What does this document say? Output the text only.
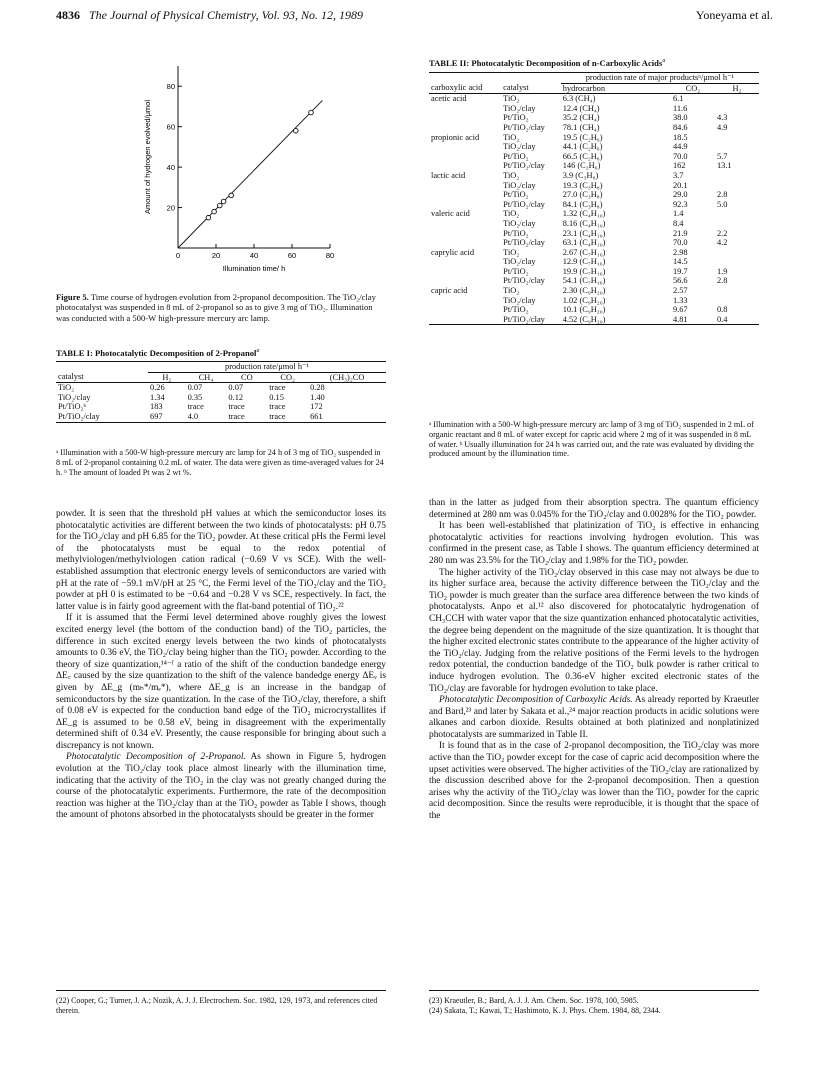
4836 The Journal of Physical Chemistry, Vol. 93, No. 12, 1989	Yoneyama et al.
0	20	40	60	80
20
40
60
80
Illumination time/ h
Amount of hydrogen evolved/μmol
Figure 5. Time course of hydrogen evolution from 2-propanol decomposition. The TiO₂/clay photocatalyst was suspended in 8 mL of 2-propanol so as to give 3 mg of TiO₂. Illumination was conducted with a 500-W high-pressure mercury arc lamp.
TABLE I: Photocatalytic Decomposition of 2-Propanol$^a$
	production rate/μmol h⁻¹				
catalyst	H₂	CH₄	CO	CO₂	(CH₃)₂CO
TiO₂	0.26	0.07	0.07	trace	0.28
TiO₂/clay	1.34	0.35	0.12	0.15	1.40
Pt/TiO₂ᵇ	183	trace	trace	trace	172
Pt/TiO₂/clay	697	4.0	trace	trace	661
ᵃ Illumination with a 500-W high-pressure mercury arc lamp for 24 h of 3 mg of TiO₂ suspended in 8 mL of 2-propanol containing 0.2 mL of water. The data were given as time-averaged values for 24 h. ᵇ The amount of loaded Pt was 2 wt %.

powder. It is seen that the threshold pH values at which the semiconductor loses its photocatalytic activities are different between the two kinds of photocatalysts: pH 0.75 for the TiO₂/clay and pH 6.85 for the TiO₂ powder. At these critical pHs the Fermi level of the photocatalysts must be equal to the redox potential of methylviologen/methylviologen cation radical (−0.69 V vs SCE). With the well-established assumption that electronic energy levels of semiconductors are varied with pH at the rate of −59.1 mV/pH at 25 °C, the Fermi level of the TiO₂/clay and the TiO₂ powder at pH 0 is estimated to be −0.64 and −0.28 V vs SCE, respectively. In fact, the latter value is in fairly good agreement with the flat-band potential of TiO₂.²²

If it is assumed that the Fermi level determined above roughly gives the lowest excited energy level (the bottom of the conduction band) of the TiO₂ particles, the difference in such excited energy levels between the two kinds of photocatalysts amounts to 0.36 eV, the TiO₂/clay being higher than the TiO₂ powder. According to the theory of size quantization,¹⁴⁻ᶠ a ratio of the shift of the conduction bandedge energy ΔE꜀ caused by the size quantization to the shift of the valence bandedge energy ΔEᵥ is given by ΔE_g (mₕ*/mₑ*), where ΔE_g is an increase in the bandgap of semiconductors by the size quantization. In the case of the TiO₂/clay, therefore, a shift of 0.08 eV is expected for the conduction band edge of the TiO₂ microcrystallites if ΔE_g is assumed to be 0.58 eV, being in disagreement with the experimentally determined shift of 0.34 eV. Presently, the cause responsible for bringing about such a discrepancy is not known.

Photocatalytic Decomposition of 2-Propanol. As shown in Figure 5, hydrogen evolution at the TiO₂/clay took place almost linearly with the illumination time, indicating that the activity of the TiO₂ in the clay was not greatly changed during the course of the photocatalytic experiments. Furthermore, the rate of the decomposition reaction was higher at the TiO₂/clay than at the TiO₂ powder as Table I shows, though the amount of photons absorbed in the photocatalysts should be greater in the former

TABLE II: Photocatalytic Decomposition of n-Carboxylic Acids$^a$
		production rate of major productsᵇ/μmol h⁻¹		
carboxylic acid	catalyst	hydrocarbon	CO₂	H₂
acetic acid	TiO₂	6.3 (CH₄)	6.1	
	TiO₂/clay	12.4 (CH₄)	11.6	
	Pt/TiO₂	35.2 (CH₄)	38.0	4.3
	Pt/TiO₂/clay	78.1 (CH₄)	84.6	4.9
propionic acid	TiO₂	19.5 (C₂H₆)	18.5	
	TiO₂/clay	44.1 (C₂H₆)	44.9	
	Pt/TiO₂	66.5 (C₂H₆)	70.0	5.7
	Pt/TiO₂/clay	146 (C₂H₆)	162	13.1
lactic acid	TiO₂	3.9 (C₃H₈)	3.7	
	TiO₂/clay	19.3 (C₃H₈)	20.1	
	Pt/TiO₂	27.0 (C₃H₈)	29.0	2.8
	Pt/TiO₂/clay	84.1 (C₃H₈)	92.3	5.0
valeric acid	TiO₂	1.32 (C₄H₁₀)	1.4	
	TiO₂/clay	8.16 (C₄H₁₀)	8.4	
	Pt/TiO₂	23.1 (C₄H₁₀)	21.9	2.2
	Pt/TiO₂/clay	63.1 (C₄H₁₀)	70.0	4.2
caprylic acid	TiO₂	2.67 (C₇H₁₆)	2.98	
	TiO₂/clay	12.9 (C₇H₁₆)	14.5	
	Pt/TiO₂	19.9 (C₇H₁₆)	19.7	1.9
	Pt/TiO₂/clay	54.1 (C₇H₁₆)	56.6	2.8
capric acid	TiO₂	2.30 (C₉H₂₀)	2.57	
	TiO₂/clay	1.02 (C₉H₂₀)	1.33	
	Pt/TiO₂	10.1 (C₉H₂₀)	9.67	0.8
	Pt/TiO₂/clay	4.52 (C₉H₂₀)	4.81	0.4
ᵃ Illumination with a 500-W high-pressure mercury arc lamp of 3 mg of TiO₂ suspended in 2 mL of organic reactant and 8 mL of water except for capric acid where 2 mg of it was suspended in 8 mL of water. ᵇ Usually illumination for 24 h was carried out, and the rate was evaluated by dividing the produced amount by the illumination time.

than in the latter as judged from their absorption spectra. The quantum efficiency determined at 280 nm was 0.045% for the TiO₂/clay and 0.0028% for the TiO₂ powder.

It has been well-established that platinization of TiO₂ is effective in enhancing photocatalytic activities for reactions involving hydrogen evolution. This was confirmed in the present case, as Table I shows. The quantum efficiency determined at 280 nm was 23.5% for the TiO₂/clay and 1.98% for the TiO₂ powder.

The higher activity of the TiO₂/clay observed in this case may not always be due to its higher surface area, because the activity difference between the TiO₂/clay and the TiO₂ powder is much greater than the surface area difference between the two kinds of photocatalysts. Anpo et al.¹² also discovered for photocatalytic hydrogenation of CH₃CCH with water vapor that the size quantization enhanced photocatalytic activities, the degree being dependent on the magnitude of the size quantization. It is thought that the higher excited electronic states contribute to the appearance of the higher activity of the TiO₂/clay. Judging from the relative positions of the Fermi levels to the hydrogen redox potential, the conduction bandedge of the TiO₂ bulk powder is rather critical to induce hydrogen evolution. The 0.36-eV higher excited electronic states of the TiO₂/clay are favorable for hydrogen evolution to take place.

Photocatalytic Decomposition of Carboxylic Acids. As already reported by Kraeutler and Bard,²³ and later by Sakata et al.,²⁴ major reaction products in acidic solutions were alkanes and carbon dioxide. Results obtained at both platinized and nonplatinized photocatalysts are summarized in Table II.

It is found that as in the case of 2-propanol decomposition, the TiO₂/clay was more active than the TiO₂ powder except for the case of capric acid decomposition where the upset activities were observed. The higher activities of the TiO₂/clay are rationalized by the discussion described above for the 2-propanol decomposition. Then a question arises why the activity of the TiO₂/clay was lower than the TiO₂ powder for the capric acid decomposition. Since the results were reproducible, it is thought that the space of the

(22) Cooper, G.; Turner, J. A.; Nozik, A. J. J. Electrochem. Soc. 1982, 129, 1973, and references cited therein.
(23) Kraeutler, B.; Bard, A. J. J. Am. Chem. Soc. 1978, 100, 5985.
(24) Sakata, T.; Kawai, T.; Hashimoto, K. J. Phys. Chem. 1984, 88, 2344.
